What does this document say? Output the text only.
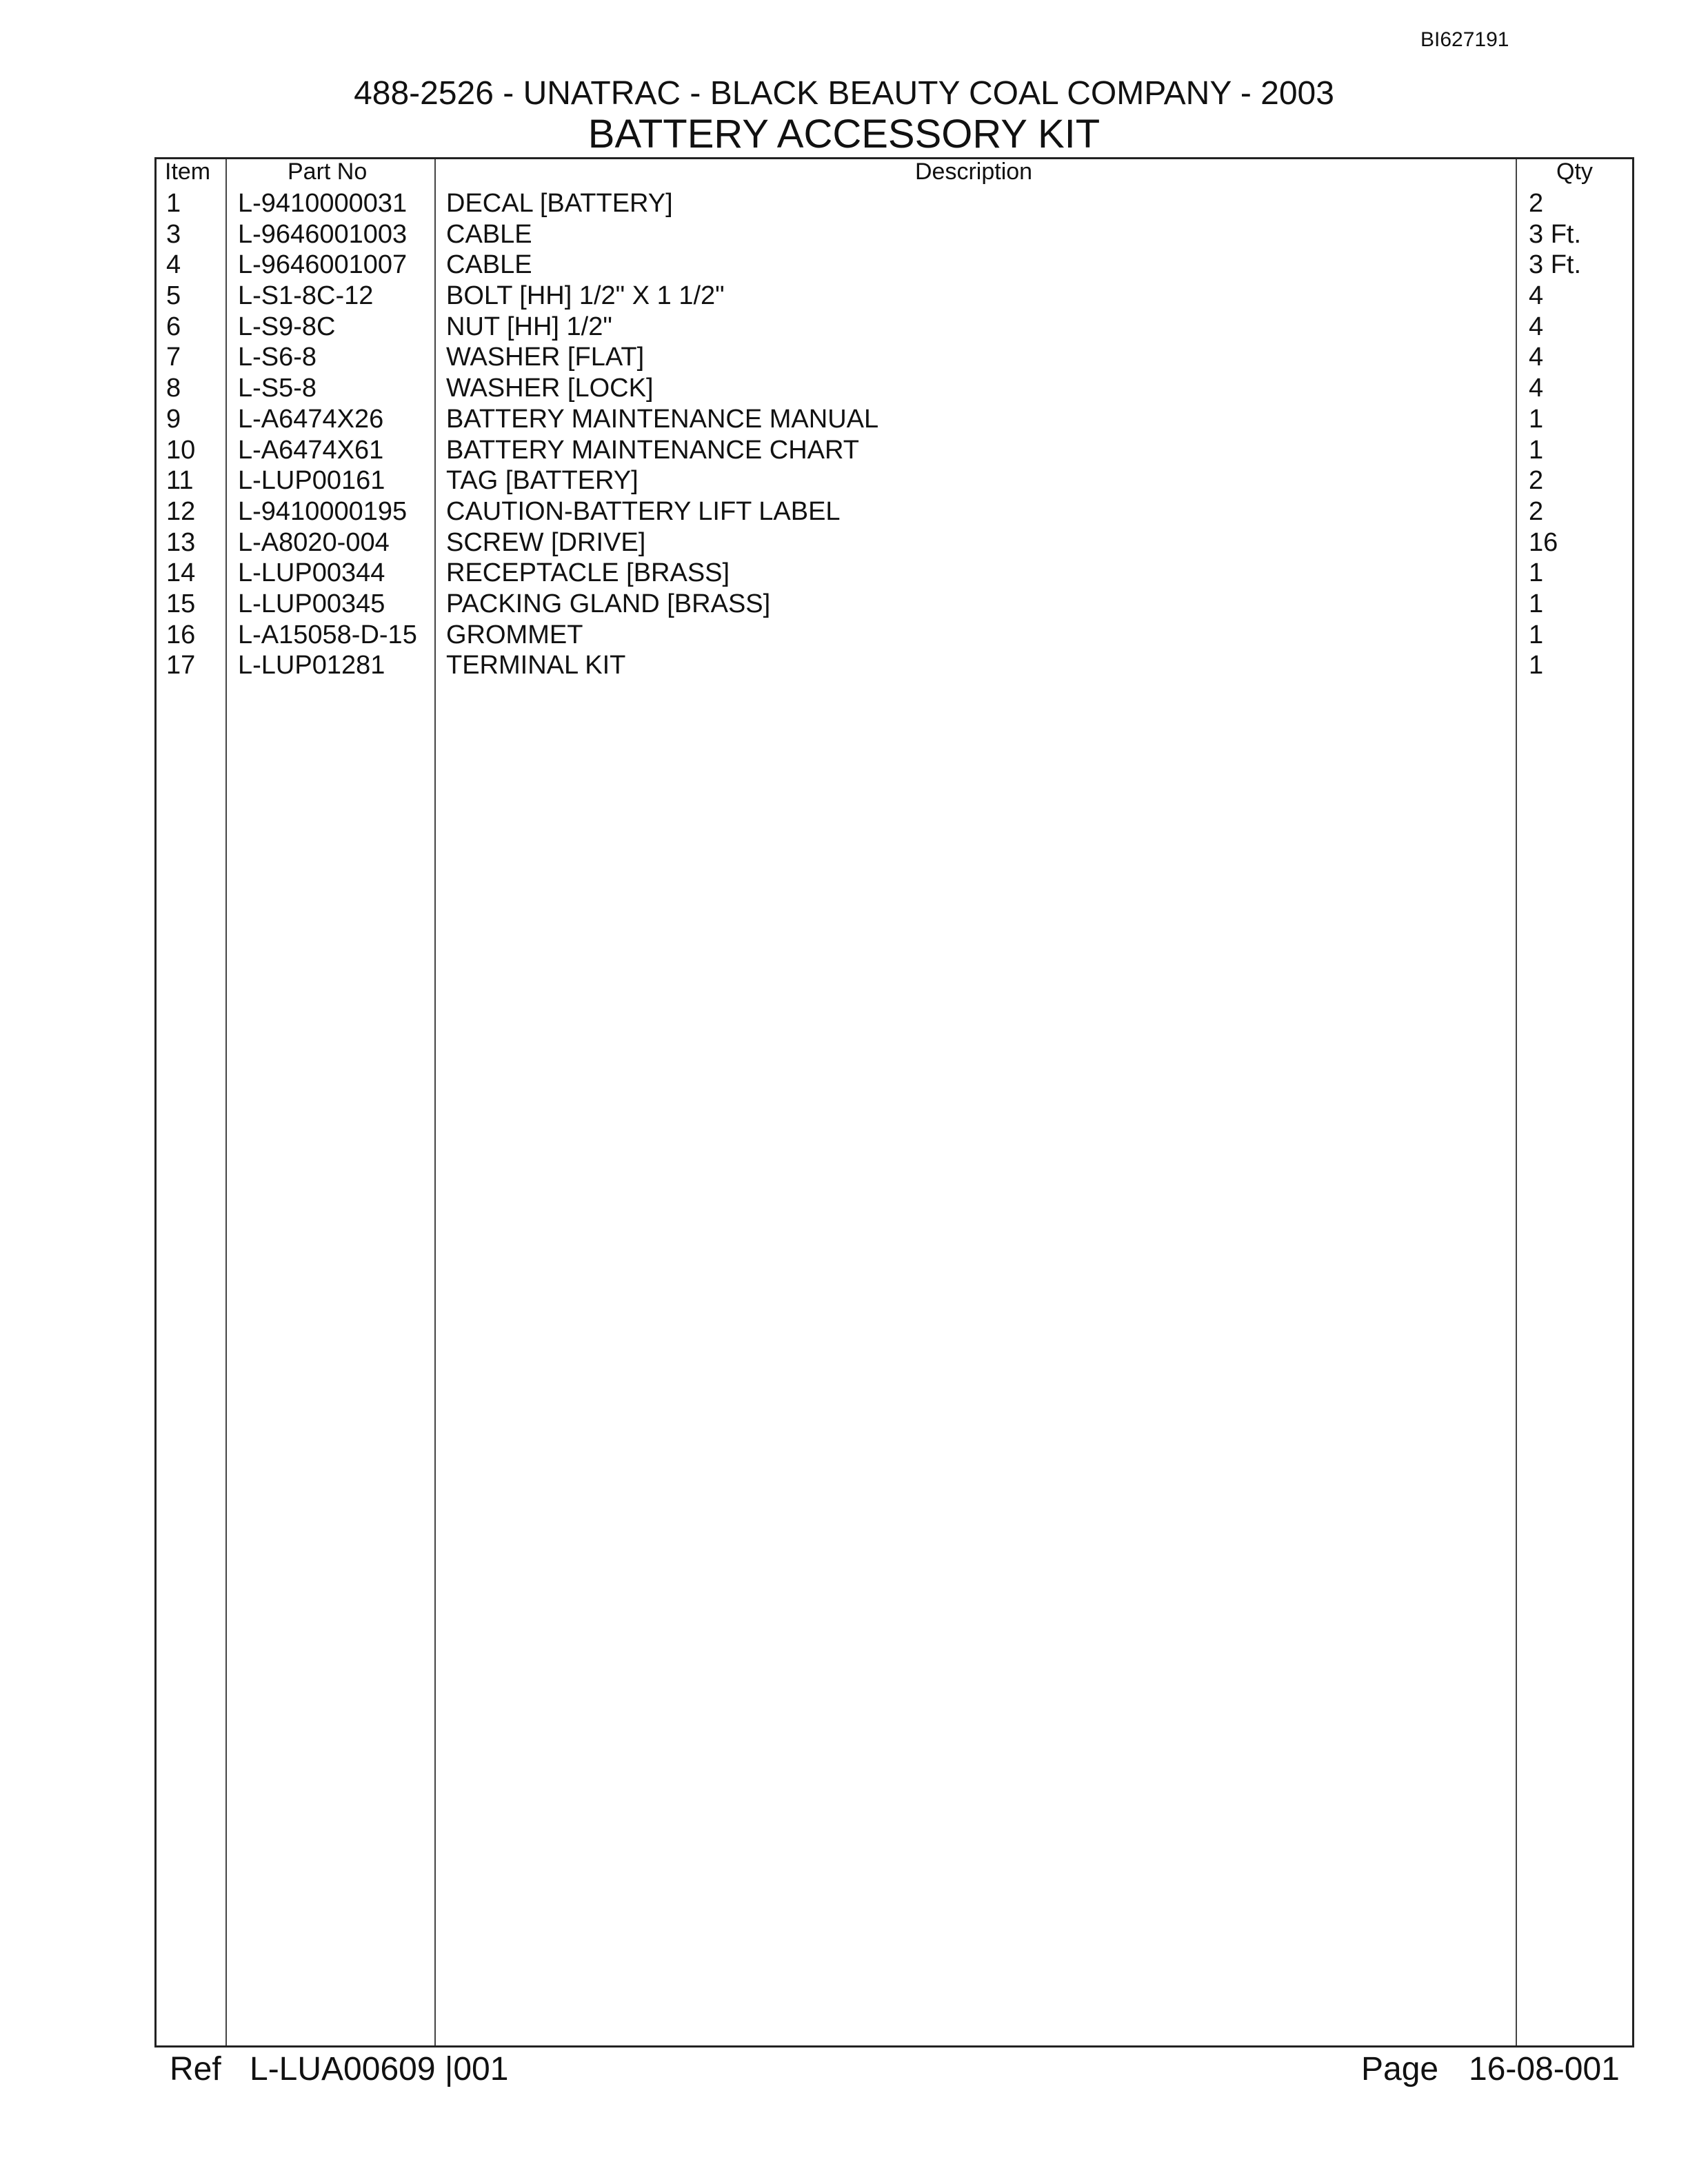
BI627191
488-2526 - UNATRAC - BLACK BEAUTY COAL COMPANY - 2003
BATTERY ACCESSORY KIT
Item	Part No	Description	Qty
1 L-9410000031 DECAL [BATTERY]	2
3 L-9646001003 CABLE	3 Ft.
4 L-9646001007 CABLE	3 Ft.
5 L-S1-8C-12	BOLT [HH] 1/2" X 1 1/2"	4
6 L-S9-8C	NUT [HH] 1/2"	4
7 L-S6-8	WASHER [FLAT]	4
8 L-S5-8	WASHER [LOCK]	4
9 L-A6474X26 BATTERY MAINTENANCE MANUAL	1
10 L-A6474X61 BATTERY MAINTENANCE CHART	1
11 L-LUP00161 TAG [BATTERY]	2
12 L-9410000195 CAUTION-BATTERY LIFT LABEL	2
13 L-A8020-004 SCREW [DRIVE]	16
14 L-LUP00344 RECEPTACLE [BRASS]	1
15 L-LUP00345 PACKING GLAND [BRASS]	1
16 L-A15058-D-15 GROMMET	1
17 L-LUP01281 TERMINAL KIT	1
Ref L-LUA00609 |001	Page 16-08-001
